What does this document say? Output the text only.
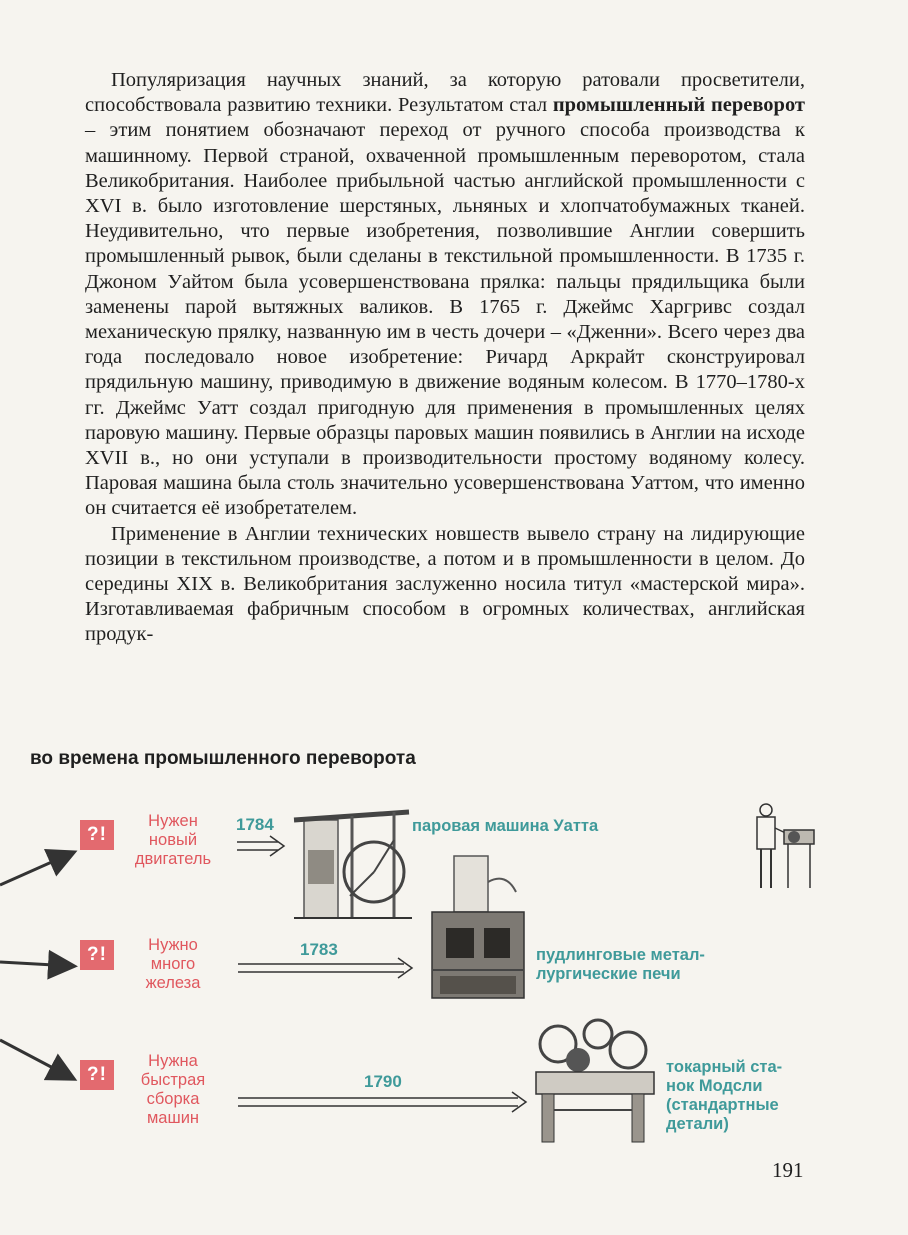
Популяризация научных знаний, за которую ратовали просветители, способствовала развитию техники. Результатом стал промышленный переворот – этим понятием обозначают переход от ручного способа производства к машинному. Первой страной, охваченной промышленным переворотом, стала Великобритания. Наиболее прибыльной частью английской промышленности с XVI в. было изготовление шерстяных, льняных и хлопчатобумажных тканей. Неудивительно, что первые изобретения, позволившие Англии совершить промышленный рывок, были сделаны в текстильной промышленности. В 1735 г. Джоном Уайтом была усовершенствована прялка: пальцы прядильщика были заменены парой вытяжных валиков. В 1765 г. Джеймс Харгривс создал механическую прялку, названную им в честь дочери – «Дженни». Всего через два года последовало новое изобретение: Ричард Аркрайт сконструировал прядильную машину, приводимую в движение водяным колесом. В 1770–1780-х гг. Джеймс Уатт создал пригодную для применения в промышленных целях паровую машину. Первые образцы паровых машин появились в Англии на исходе XVII в., но они уступали в производительности простому водяному колесу. Паровая машина была столь значительно усовершенствована Уаттом, что именно он считается её изобретателем.

Применение в Англии технических новшеств вывело страну на лидирующие позиции в текстильном производстве, а потом и в промышленности в целом. До середины XIX в. Великобритания заслуженно носила титул «мастерской мира». Изготавливаемая фабричным способом в огромных количествах, английская продук-

во времена промышленного переворота
?!
Нужен
новый
двигатель
1784	паровая машина Уатта
?!	Нужно
много
железа
1783	пудлинговые метал-
лургические печи
?!
Нужна
быстрая
сборка
машин
1790
токарный ста-
нок Модсли
(стандартные
детали)
191
